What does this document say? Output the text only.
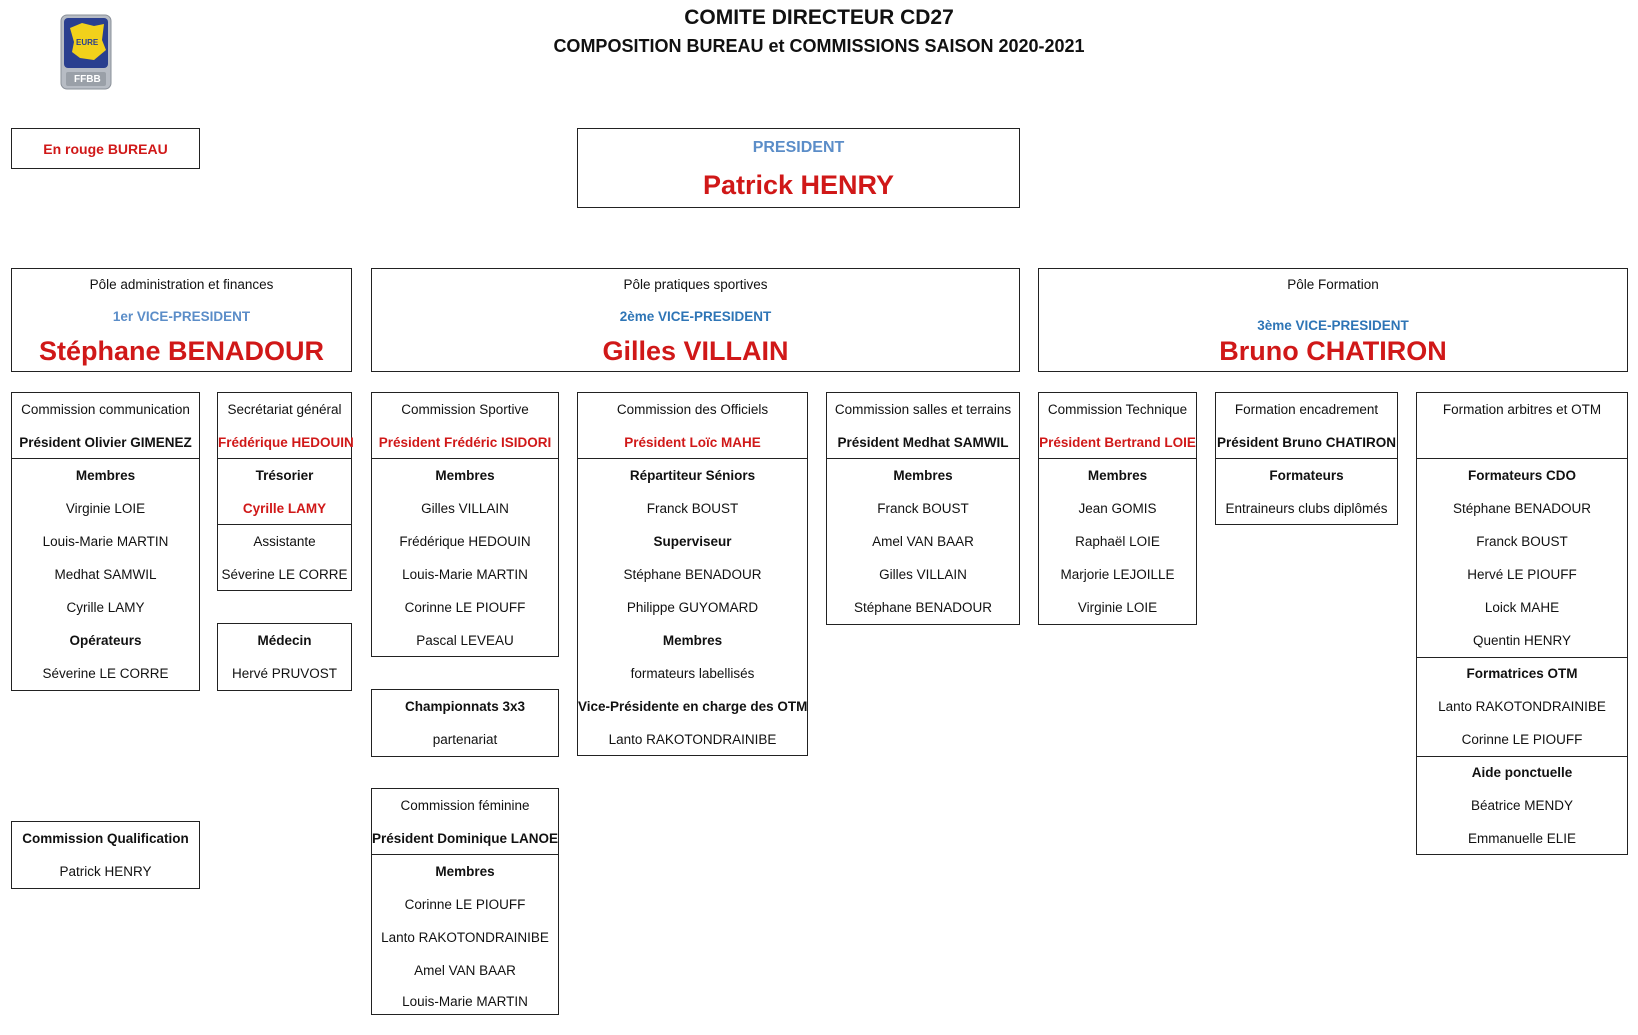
COMITE DIRECTEUR CD27
COMPOSITION BUREAU et COMMISSIONS SAISON 2020-2021
EURE
FFBB
En rouge BUREAU	PRESIDENT
Patrick HENRY
Pôle administration et finances
1er VICE-PRESIDENT
Stéphane BENADOUR
Pôle pratiques sportives
2ème VICE-PRESIDENT
Gilles VILLAIN
Pôle Formation
3ème VICE-PRESIDENT
Bruno CHATIRON
Commission communication
Président Olivier GIMENEZ
Membres
Virginie LOIE
Louis-Marie MARTIN
Medhat SAMWIL
Cyrille LAMY
Opérateurs
Séverine LE CORRE
Secrétariat général
Frédérique HEDOUIN
Trésorier
Cyrille LAMY
Assistante
Séverine LE CORRE
Médecin
Hervé PRUVOST
Commission Qualification
Patrick HENRY
Commission Sportive
Président Frédéric ISIDORI
Membres
Gilles VILLAIN
Frédérique HEDOUIN
Louis-Marie MARTIN
Corinne LE PIOUFF
Pascal LEVEAU
Championnats 3x3
partenariat
Commission féminine
Président Dominique LANOE
Membres
Corinne LE PIOUFF
Lanto RAKOTONDRAINIBE
Amel VAN BAAR
Louis-Marie MARTIN
Commission des Officiels
Président Loïc MAHE
Répartiteur Séniors
Franck BOUST
Superviseur
Stéphane BENADOUR
Philippe GUYOMARD
Membres
formateurs labellisés
Vice-Présidente en charge des OTM
Lanto RAKOTONDRAINIBE
Commission salles et terrains
Président Medhat SAMWIL
Membres
Franck BOUST
Amel VAN BAAR
Gilles VILLAIN
Stéphane BENADOUR
Commission Technique
Président Bertrand LOIE
Membres
Jean GOMIS
Raphaël LOIE
Marjorie LEJOILLE
Virginie LOIE
Formation encadrement
Président Bruno CHATIRON
Formateurs
Entraineurs clubs diplômés
Formation arbitres et OTM
Formateurs CDO
Stéphane BENADOUR
Franck BOUST
Hervé LE PIOUFF
Loick MAHE
Quentin HENRY
Formatrices OTM
Lanto RAKOTONDRAINIBE
Corinne LE PIOUFF
Aide ponctuelle
Béatrice MENDY
Emmanuelle ELIE
